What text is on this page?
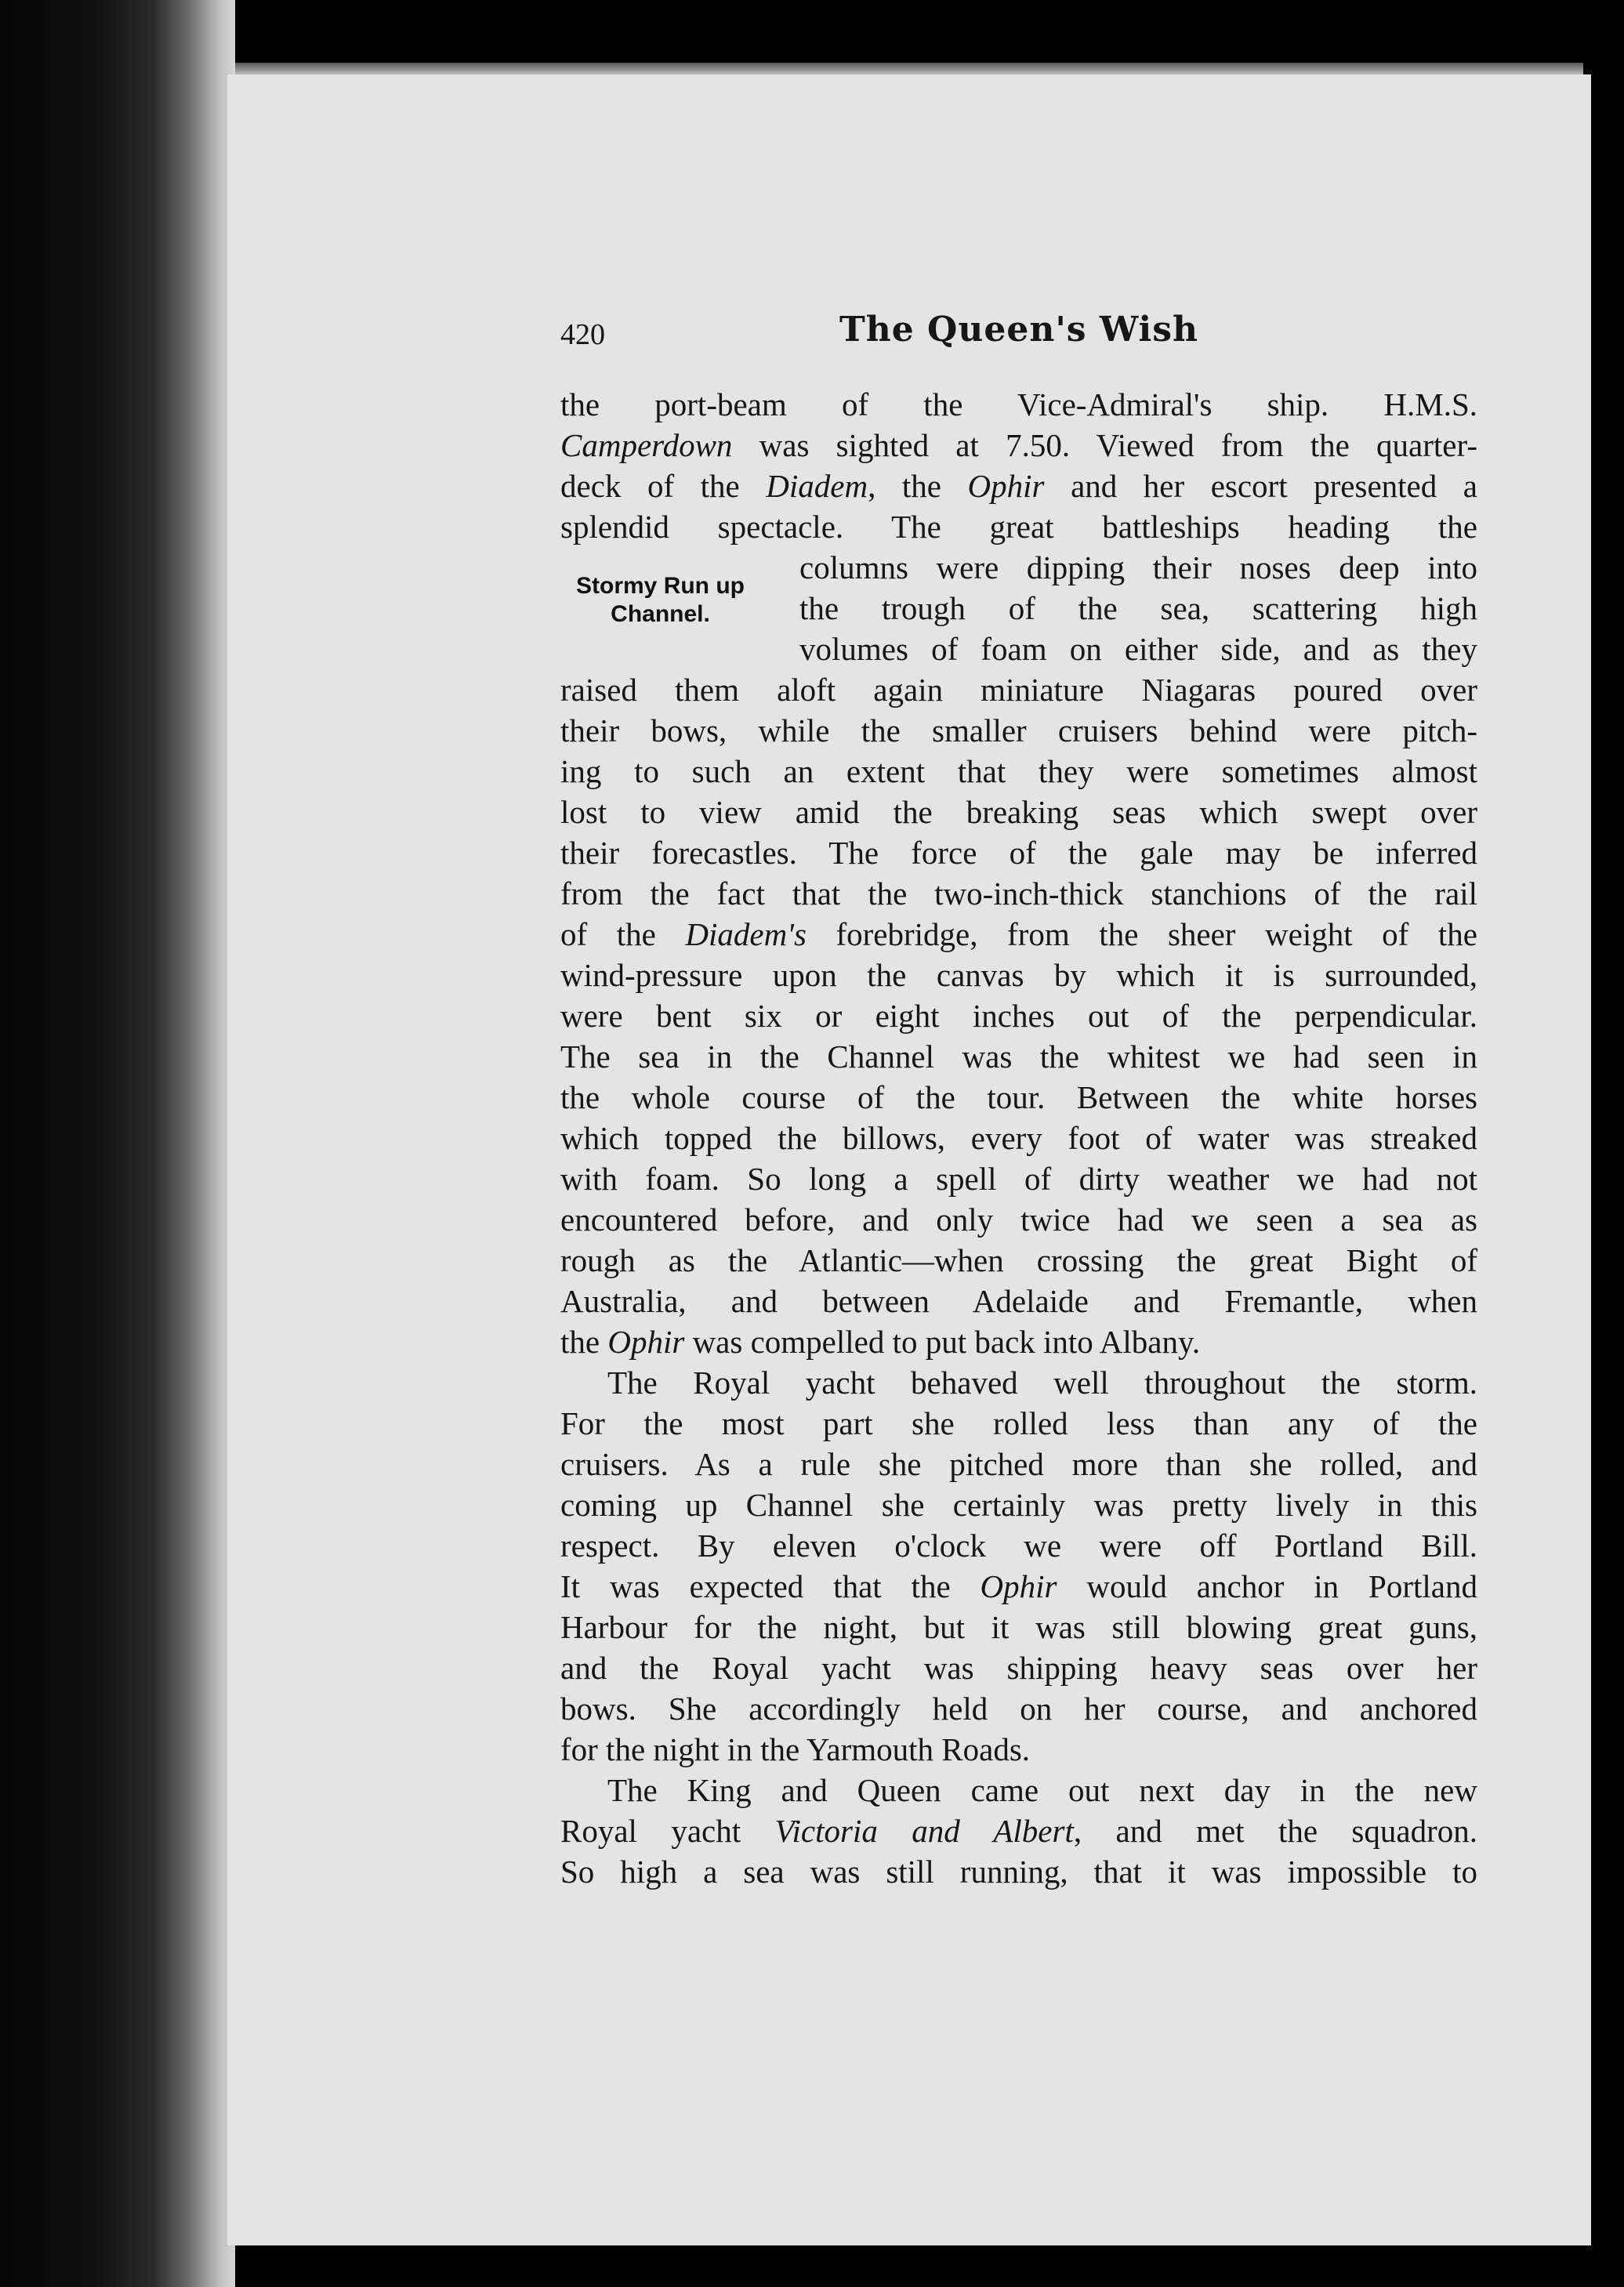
420	The Queen's Wish
Stormy Run up
Channel.
the port-beam of the Vice-Admiral's ship. H.M.S.
Camperdown was sighted at 7.50. Viewed from the quarter-
deck of the Diadem, the Ophir and her escort presented a
splendid spectacle. The great battleships heading the
columns were dipping their noses deep into
the trough of the sea, scattering high
volumes of foam on either side, and as they
raised them aloft again miniature Niagaras poured over
their bows, while the smaller cruisers behind were pitch-
ing to such an extent that they were sometimes almost
lost to view amid the breaking seas which swept over
their forecastles. The force of the gale may be inferred
from the fact that the two-inch-thick stanchions of the rail
of the Diadem's forebridge, from the sheer weight of the
wind-pressure upon the canvas by which it is surrounded,
were bent six or eight inches out of the perpendicular.
The sea in the Channel was the whitest we had seen in
the whole course of the tour. Between the white horses
which topped the billows, every foot of water was streaked
with foam. So long a spell of dirty weather we had not
encountered before, and only twice had we seen a sea as
rough as the Atlantic—when crossing the great Bight of
Australia, and between Adelaide and Fremantle, when
the Ophir was compelled to put back into Albany.
The Royal yacht behaved well throughout the storm.
For the most part she rolled less than any of the
cruisers. As a rule she pitched more than she rolled, and
coming up Channel she certainly was pretty lively in this
respect. By eleven o'clock we were off Portland Bill.
It was expected that the Ophir would anchor in Portland
Harbour for the night, but it was still blowing great guns,
and the Royal yacht was shipping heavy seas over her
bows. She accordingly held on her course, and anchored
for the night in the Yarmouth Roads.
The King and Queen came out next day in the new
Royal yacht Victoria and Albert, and met the squadron.
So high a sea was still running, that it was impossible to
